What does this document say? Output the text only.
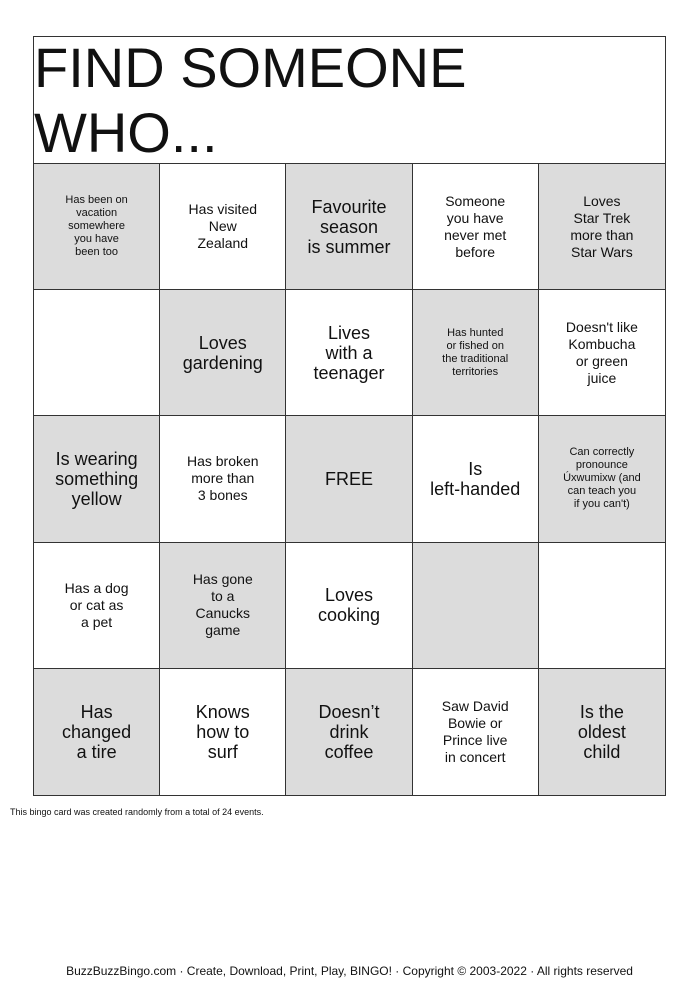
FIND SOMEONE WHO...
Has been on
vacation
somewhere
you have
been too
Has visited
New
Zealand
Favourite
season
is summer
Someone
you have
never met
before
Loves
Star Trek
more than
Star Wars
Loves
gardening
Lives
with a
teenager
Has hunted
or fished on
the traditional
territories
Doesn't like
Kombucha
or green
juice
Is wearing
something
yellow
Has broken
more than
3 bones
FREE	Is
left-handed
Can correctly
pronounce
Úxwumixw (and
can teach you
if you can't)
Has a dog
or cat as
a pet
Has gone
to a
Canucks
game
Loves
cooking
Has
changed
a tire
Knows
how to
surf
Doesn’t
drink
coffee
Saw David
Bowie or
Prince live
in concert
Is the
oldest
child
This bingo card was created randomly from a total of 24 events.
BuzzBuzzBingo.com · Create, Download, Print, Play, BINGO! · Copyright © 2003-2022 · All rights reserved
